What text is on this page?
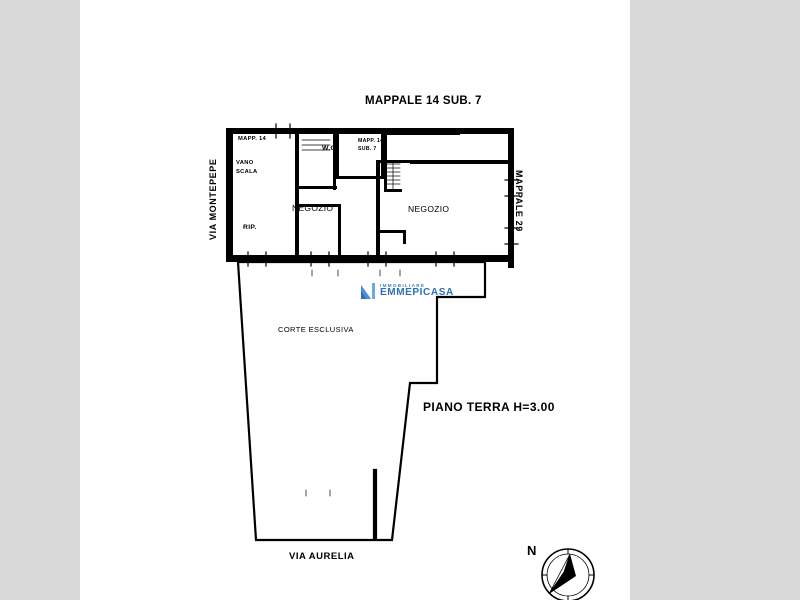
MAPPALE 14 SUB. 7
VIA MONTEPEPE	MAPPALE 29
MAPP. 14
VANO
SCALA
W.C.
MAPP. 14
SUB. 7
RIP.
NEGOZIO	NEGOZIO
CORTE ESCLUSIVA
PIANO TERRA H=3.00
VIA AURELIA	N
IMMOBILIARE
EMMEPICASA
